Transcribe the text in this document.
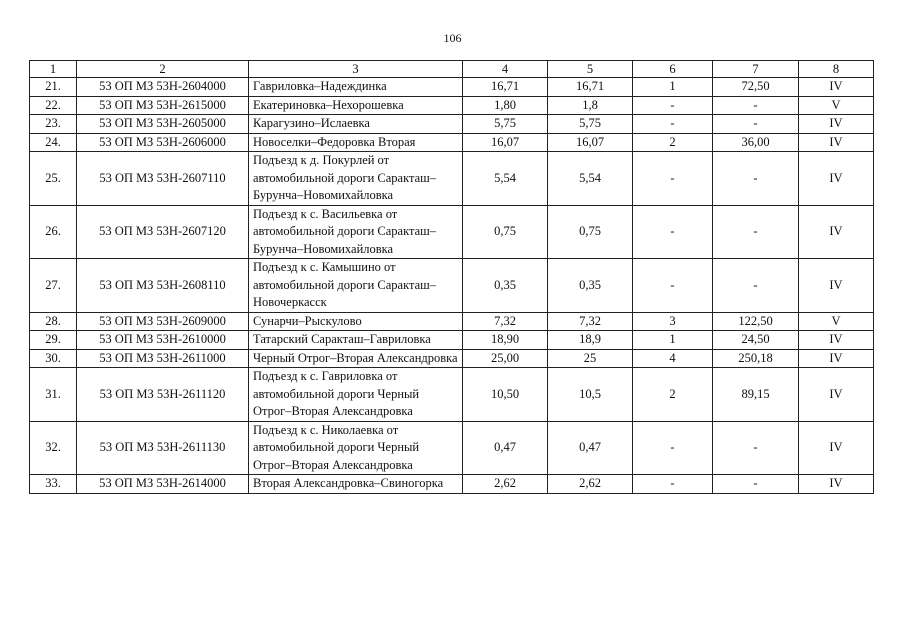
106
1	2	3	4	5	6	7	8
21.	53 ОП МЗ 53Н-2604000	Гавриловка–Надеждинка	16,71	16,71	1	72,50	IV
22.	53 ОП МЗ 53Н-2615000	Екатериновка–Нехорошевка	1,80	1,8	-	-	V
23.	53 ОП МЗ 53Н-2605000	Карагузино–Ислаевка	5,75	5,75	-	-	IV
24.	53 ОП МЗ 53Н-2606000	Новоселки–Федоровка Вторая	16,07	16,07	2	36,00	IV
25.	53 ОП МЗ 53Н-2607110	Подъезд к д. Покурлей от автомобильной дороги Саракташ–Бурунча–Новомихайловка	5,54	5,54	-	-	IV
26.	53 ОП МЗ 53Н-2607120	Подъезд к с. Васильевка от автомобильной дороги Саракташ–Бурунча–Новомихайловка	0,75	0,75	-	-	IV
27.	53 ОП МЗ 53Н-2608110	Подъезд к с. Камышино от автомобильной дороги Саракташ–Новочеркасск	0,35	0,35	-	-	IV
28.	53 ОП МЗ 53Н-2609000	Сунарчи–Рыскулово	7,32	7,32	3	122,50	V
29.	53 ОП МЗ 53Н-2610000	Татарский Саракташ–Гавриловка	18,90	18,9	1	24,50	IV
30.	53 ОП МЗ 53Н-2611000	Черный Отрог–Вторая Александровка	25,00	25	4	250,18	IV
31.	53 ОП МЗ 53Н-2611120	Подъезд к с. Гавриловка от автомобильной дороги Черный Отрог–Вторая Александровка	10,50	10,5	2	89,15	IV
32.	53 ОП МЗ 53Н-2611130	Подъезд к с. Николаевка от автомобильной дороги Черный Отрог–Вторая Александровка	0,47	0,47	-	-	IV
33.	53 ОП МЗ 53Н-2614000	Вторая Александровка–Свиногорка	2,62	2,62	-	-	IV
